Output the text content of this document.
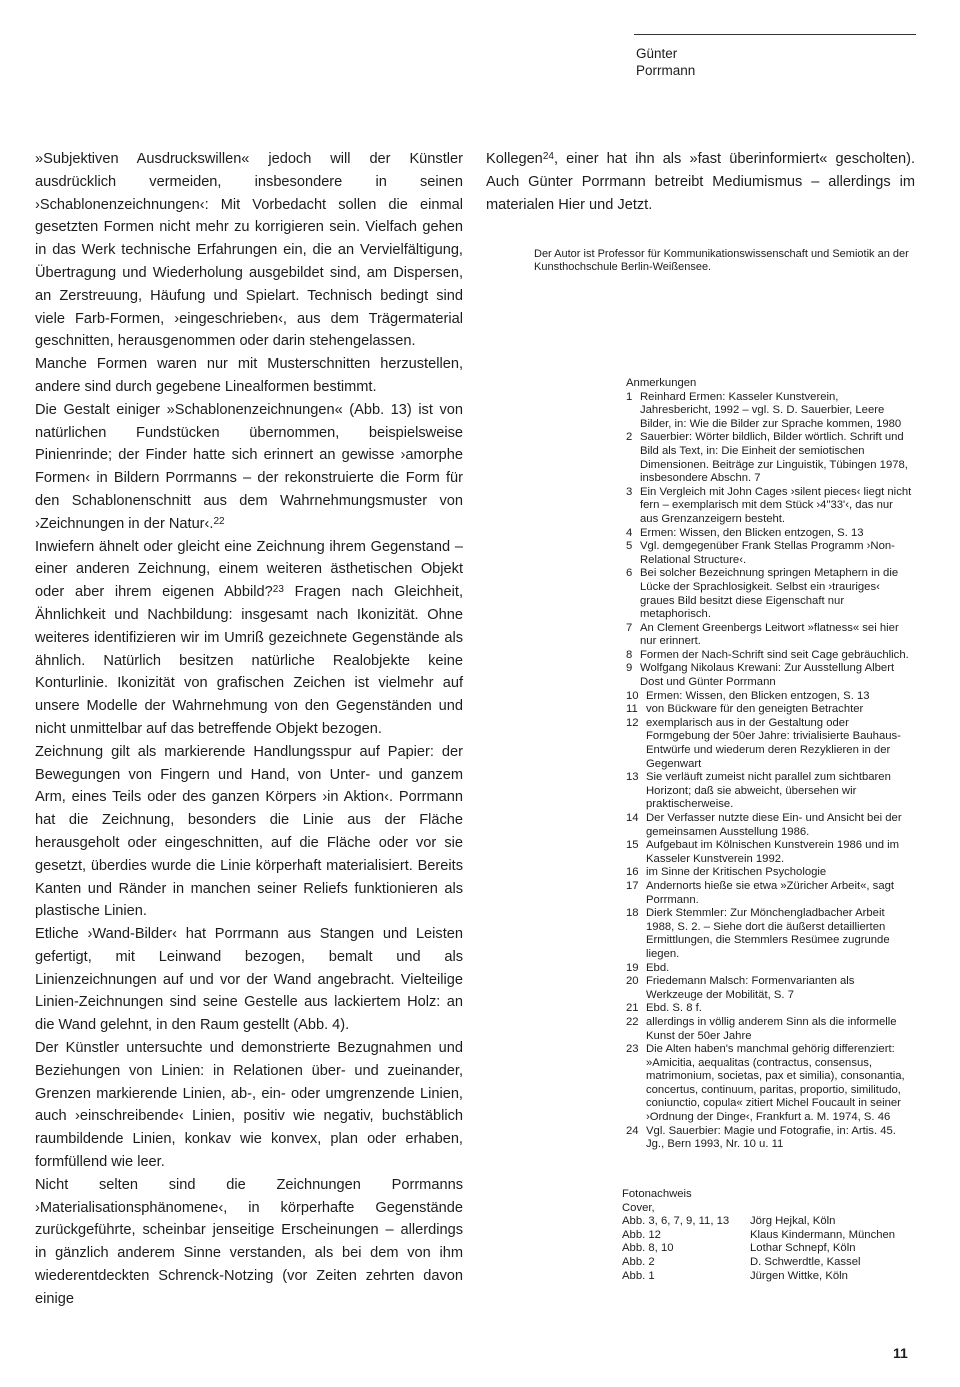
Günter
Porrmann

»Subjektiven Ausdruckswillen« jedoch will der Künstler ausdrücklich vermeiden, insbesondere in seinen ›Schablonenzeichnungen‹: Mit Vorbedacht sollen die einmal gesetzten Formen nicht mehr zu korrigieren sein. Vielfach gehen in das Werk technische Erfahrungen ein, die an Vervielfältigung, Übertragung und Wiederholung ausgebildet sind, am Dispersen, an Zerstreuung, Häufung und Spielart. Technisch bedingt sind viele Farb-Formen, ›eingeschrieben‹, aus dem Trägermaterial geschnitten, herausgenommen oder darin stehengelassen.

Manche Formen waren nur mit Musterschnitten herzustellen, andere sind durch gegebene Linealformen bestimmt.

Die Gestalt einiger »Schablonenzeichnungen« (Abb. 13) ist von natürlichen Fundstücken übernommen, beispielsweise Pinienrinde; der Finder hatte sich erinnert an gewisse ›amorphe Formen‹ in Bildern Porrmanns – der rekonstruierte die Form für den Schablonenschnitt aus dem Wahrnehmungsmuster von ›Zeichnungen in der Natur‹.$^{22}$

Inwiefern ähnelt oder gleicht eine Zeichnung ihrem Gegenstand – einer anderen Zeichnung, einem weiteren ästhetischen Objekt oder aber ihrem eigenen Abbild?$^{23}$ Fragen nach Gleichheit, Ähnlichkeit und Nachbildung: insgesamt nach Ikonizität. Ohne weiteres identifizieren wir im Umriß gezeichnete Gegenstände als ähnlich. Natürlich besitzen natürliche Realobjekte keine Konturlinie. Ikonizität von grafischen Zeichen ist vielmehr auf unsere Modelle der Wahrnehmung von den Gegenständen und nicht unmittelbar auf das betreffende Objekt bezogen.

Zeichnung gilt als markierende Handlungsspur auf Papier: der Bewegungen von Fingern und Hand, von Unter- und ganzem Arm, eines Teils oder des ganzen Körpers ›in Aktion‹. Porrmann hat die Zeichnung, besonders die Linie aus der Fläche herausgeholt oder eingeschnitten, auf die Fläche oder vor sie gesetzt, überdies wurde die Linie körperhaft materialisiert. Bereits Kanten und Ränder in manchen seiner Reliefs funktionieren als plastische Linien.

Etliche ›Wand-Bilder‹ hat Porrmann aus Stangen und Leisten gefertigt, mit Leinwand bezogen, bemalt und als Linienzeichnungen auf und vor der Wand angebracht. Vielteilige Linien-Zeichnungen sind seine Gestelle aus lackiertem Holz: an die Wand gelehnt, in den Raum gestellt (Abb. 4).

Der Künstler untersuchte und demonstrierte Bezugnahmen und Beziehungen von Linien: in Relationen über- und zueinander, Grenzen markierende Linien, ab-, ein- oder umgrenzende Linien, auch ›einschreibende‹ Linien, positiv wie negativ, buchstäblich raumbildende Linien, konkav wie konvex, plan oder erhaben, formfüllend wie leer.

Nicht selten sind die Zeichnungen Porrmanns ›Materialisationsphänomene‹, in körperhafte Gegenstände zurückgeführte, scheinbar jenseitige Erscheinungen – allerdings in gänzlich anderem Sinne verstanden, als bei dem von ihm wiederentdeckten Schrenck-Notzing (vor Zeiten zehrten davon einige

Kollegen$^{24}$, einer hat ihn als »fast überinformiert« gescholten). Auch Günter Porrmann betreibt Mediumismus – allerdings im materialen Hier und Jetzt.

Der Autor ist Professor für Kommunikationswissenschaft und Semiotik an der Kunsthochschule Berlin-Weißensee.
Anmerkungen
1 Reinhard Ermen: Kasseler Kunstverein, Jahresbericht, 1992 – vgl. S. D. Sauerbier, Leere Bilder, in: Wie die Bilder zur Sprache kommen, 1980
2 Sauerbier: Wörter bildlich, Bilder wörtlich. Schrift und Bild als Text, in: Die Einheit der semiotischen Dimensionen. Beiträge zur Linguistik, Tübingen 1978, insbesondere Abschn. 7
3 Ein Vergleich mit John Cages ›silent pieces‹ liegt nicht fern – exemplarisch mit dem Stück ›4"33'‹, das nur aus Grenzanzeigern besteht.
4 Ermen: Wissen, den Blicken entzogen, S. 13
5 Vgl. demgegenüber Frank Stellas Programm ›Non-Relational Structure‹.
6 Bei solcher Bezeichnung springen Metaphern in die Lücke der Sprachlosigkeit. Selbst ein ›trauriges‹ graues Bild besitzt diese Eigenschaft nur metaphorisch.
7 An Clement Greenbergs Leitwort »flatness« sei hier nur erinnert.
8 Formen der Nach-Schrift sind seit Cage gebräuchlich.
9 Wolfgang Nikolaus Krewani: Zur Ausstellung Albert Dost und Günter Porrmann
10 Ermen: Wissen, den Blicken entzogen, S. 13
11 von Bückware für den geneigten Betrachter
12 exemplarisch aus in der Gestaltung oder Formgebung der 50er Jahre: trivialisierte Bauhaus-Entwürfe und wiederum deren Rezyklieren in der Gegenwart
13 Sie verläuft zumeist nicht parallel zum sichtbaren Horizont; daß sie abweicht, übersehen wir praktischerweise.
14 Der Verfasser nutzte diese Ein- und Ansicht bei der gemeinsamen Ausstellung 1986.
15 Aufgebaut im Kölnischen Kunstverein 1986 und im Kasseler Kunstverein 1992.
16 im Sinne der Kritischen Psychologie
17 Andernorts hieße sie etwa »Züricher Arbeit«, sagt Porrmann.
18 Dierk Stemmler: Zur Mönchengladbacher Arbeit 1988, S. 2. – Siehe dort die äußerst detaillierten Ermittlungen, die Stemmlers Resümee zugrunde liegen.
19 Ebd.
20 Friedemann Malsch: Formenvarianten als Werkzeuge der Mobilität, S. 7
21 Ebd. S. 8 f.
22 allerdings in völlig anderem Sinn als die informelle Kunst der 50er Jahre
23 Die Alten haben's manchmal gehörig differenziert: »Amicitia, aequalitas (contractus, consensus, matrimonium, societas, pax et similia), consonantia, concertus, continuum, paritas, proportio, similitudo, coniunctio, copula« zitiert Michel Foucault in seiner ›Ordnung der Dinge‹, Frankfurt a. M. 1974, S. 46
24 Vgl. Sauerbier: Magie und Fotografie, in: Artis. 45. Jg., Bern 1993, Nr. 10 u. 11
Fotonachweis
Cover,
Abb. 3, 6, 7, 9, 11, 13	Jörg Hejkal, Köln
Abb. 12	Klaus Kindermann, München
Abb. 8, 10	Lothar Schnepf, Köln
Abb. 2	D. Schwerdtle, Kassel
Abb. 1	Jürgen Wittke, Köln
11
